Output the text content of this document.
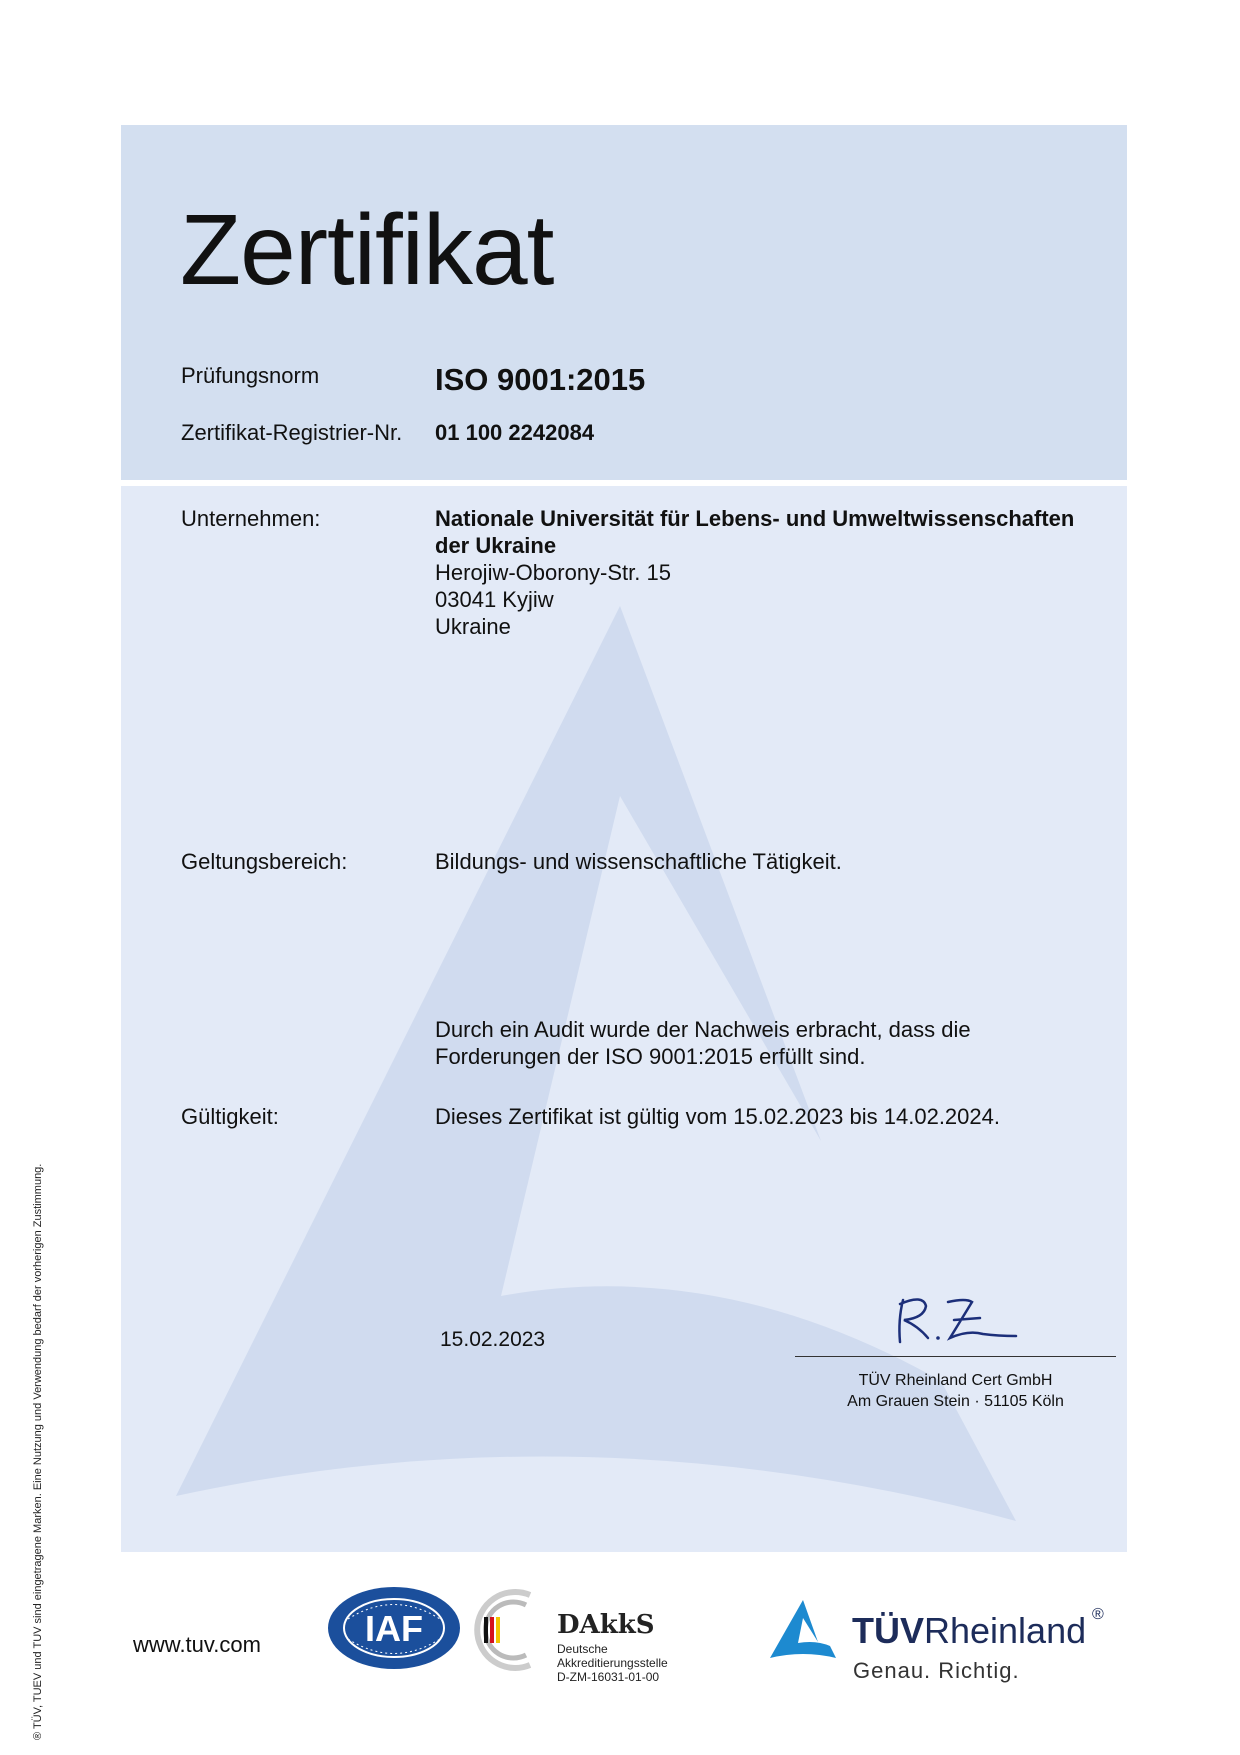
Zertifikat
Prüfungsnorm	ISO 9001:2015
Zertifikat-Registrier-Nr. 01 100 2242084
Unternehmen:	Nationale Universität für Lebens- und Umweltwissenschaften
der Ukraine
Herojiw-Oborony-Str. 15
03041 Kyjiw
Ukraine
Geltungsbereich:	Bildungs- und wissenschaftliche Tätigkeit.
Durch ein Audit wurde der Nachweis erbracht, dass die
Forderungen der ISO 9001:2015 erfüllt sind.
Gültigkeit:	Dieses Zertifikat ist gültig vom 15.02.2023 bis 14.02.2024.
15.02.2023
TÜV Rheinland Cert GmbH
Am Grauen Stein · 51105 Köln
® TÜV, TUEV und TUV sind eingetragene Marken. Eine Nutzung und Verwendung bedarf der vorherigen Zustimmung.	www.tuv.com	IAF	DAkkS
Deutsche
Akkreditierungsstelle
D-ZM-16031-01-00
TÜVRheinland ®
Genau. Richtig.
